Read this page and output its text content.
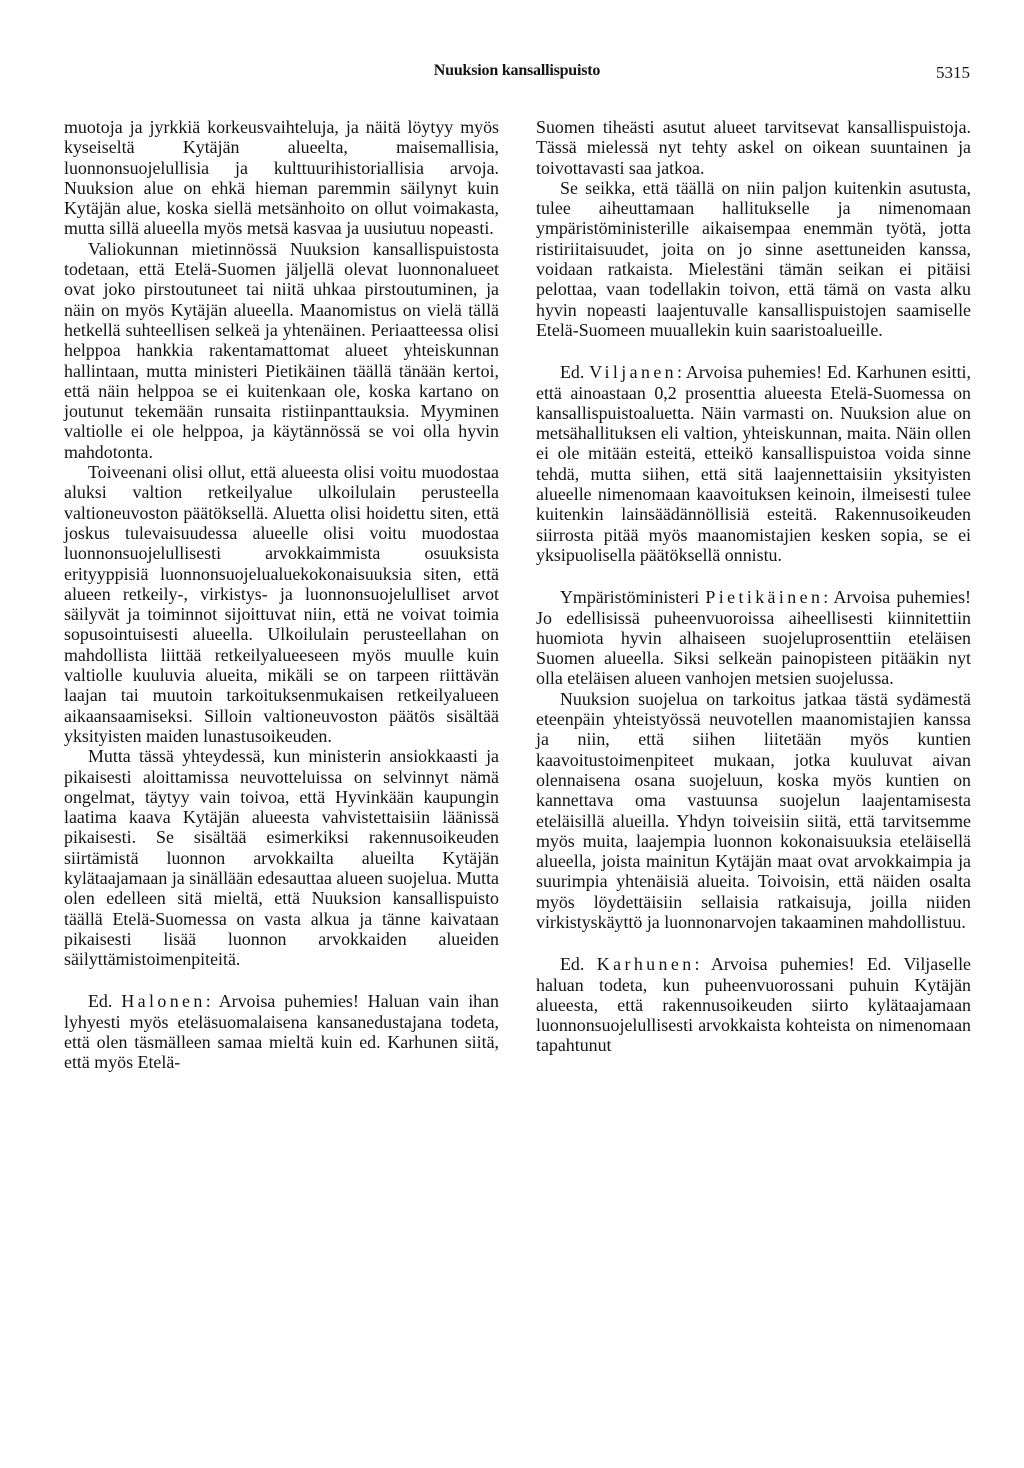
Nuuksion kansallispuisto	5315

muotoja ja jyrkkiä korkeusvaihteluja, ja näitä löytyy myös kyseiseltä Kytäjän alueelta, maisemallisia, luonnonsuojelullisia ja kulttuurihistoriallisia arvoja. Nuuksion alue on ehkä hieman paremmin säilynyt kuin Kytäjän alue, koska siellä metsänhoito on ollut voimakasta, mutta sillä alueella myös metsä kasvaa ja uusiutuu nopeasti.

Valiokunnan mietinnössä Nuuksion kansallispuistosta todetaan, että Etelä-Suomen jäljellä olevat luonnonalueet ovat joko pirstoutuneet tai niitä uhkaa pirstoutuminen, ja näin on myös Kytäjän alueella. Maanomistus on vielä tällä hetkellä suhteellisen selkeä ja yhtenäinen. Periaatteessa olisi helppoa hankkia rakentamattomat alueet yhteiskunnan hallintaan, mutta ministeri Pietikäinen täällä tänään kertoi, että näin helppoa se ei kuitenkaan ole, koska kartano on joutunut tekemään runsaita ristiinpanttauksia. Myyminen valtiolle ei ole helppoa, ja käytännössä se voi olla hyvin mahdotonta.

Toiveenani olisi ollut, että alueesta olisi voitu muodostaa aluksi valtion retkeilyalue ulkoilulain perusteella valtioneuvoston päätöksellä. Aluetta olisi hoidettu siten, että joskus tulevaisuudessa alueelle olisi voitu muodostaa luonnonsuojelullisesti arvokkaimmista osuuksista erityyppisiä luonnonsuojelualuekokonaisuuksia siten, että alueen retkeily-, virkistys- ja luonnonsuojelulliset arvot säilyvät ja toiminnot sijoittuvat niin, että ne voivat toimia sopusointuisesti alueella. Ulkoilulain perusteellahan on mahdollista liittää retkeilyalueeseen myös muulle kuin valtiolle kuuluvia alueita, mikäli se on tarpeen riittävän laajan tai muutoin tarkoituksenmukaisen retkeilyalueen aikaansaamiseksi. Silloin valtioneuvoston päätös sisältää yksityisten maiden lunastusoikeuden.

Mutta tässä yhteydessä, kun ministerin ansiokkaasti ja pikaisesti aloittamissa neuvotteluissa on selvinnyt nämä ongelmat, täytyy vain toivoa, että Hyvinkään kaupungin laatima kaava Kytäjän alueesta vahvistettaisiin läänissä pikaisesti. Se sisältää esimerkiksi rakennusoikeuden siirtämistä luonnon arvokkailta alueilta Kytäjän kylätaajamaan ja sinällään edesauttaa alueen suojelua. Mutta olen edelleen sitä mieltä, että Nuuksion kansallispuisto täällä Etelä-Suomessa on vasta alkua ja tänne kaivataan pikaisesti lisää luonnon arvokkaiden alueiden säilyttämistoimenpiteitä.

Ed. Halonen: Arvoisa puhemies! Haluan vain ihan lyhyesti myös eteläsuomalaisena kansanedustajana todeta, että olen täsmälleen samaa mieltä kuin ed. Karhunen siitä, että myös Etelä-

Suomen tiheästi asutut alueet tarvitsevat kansallispuistoja. Tässä mielessä nyt tehty askel on oikean suuntainen ja toivottavasti saa jatkoa.

Se seikka, että täällä on niin paljon kuitenkin asutusta, tulee aiheuttamaan hallitukselle ja nimenomaan ympäristöministerille aikaisempaa enemmän työtä, jotta ristiriitaisuudet, joita on jo sinne asettuneiden kanssa, voidaan ratkaista. Mielestäni tämän seikan ei pitäisi pelottaa, vaan todellakin toivon, että tämä on vasta alku hyvin nopeasti laajentuvalle kansallispuistojen saamiselle Etelä-Suomeen muuallekin kuin saaristoalueille.

Ed. Viljanen: Arvoisa puhemies! Ed. Karhunen esitti, että ainoastaan 0,2 prosenttia alueesta Etelä-Suomessa on kansallispuistoaluetta. Näin varmasti on. Nuuksion alue on metsähallituksen eli valtion, yhteiskunnan, maita. Näin ollen ei ole mitään esteitä, etteikö kansallispuistoa voida sinne tehdä, mutta siihen, että sitä laajennettaisiin yksityisten alueelle nimenomaan kaavoituksen keinoin, ilmeisesti tulee kuitenkin lainsäädännöllisiä esteitä. Rakennusoikeuden siirrosta pitää myös maanomistajien kesken sopia, se ei yksipuolisella päätöksellä onnistu.

Ympäristöministeri Pietikäinen: Arvoisa puhemies! Jo edellisissä puheenvuoroissa aiheellisesti kiinnitettiin huomiota hyvin alhaiseen suojeluprosenttiin eteläisen Suomen alueella. Siksi selkeän painopisteen pitääkin nyt olla eteläisen alueen vanhojen metsien suojelussa.

Nuuksion suojelua on tarkoitus jatkaa tästä sydämestä eteenpäin yhteistyössä neuvotellen maanomistajien kanssa ja niin, että siihen liitetään myös kuntien kaavoitustoimenpiteet mukaan, jotka kuuluvat aivan olennaisena osana suojeluun, koska myös kuntien on kannettava oma vastuunsa suojelun laajentamisesta eteläisillä alueilla. Yhdyn toiveisiin siitä, että tarvitsemme myös muita, laajempia luonnon kokonaisuuksia eteläisellä alueella, joista mainitun Kytäjän maat ovat arvokkaimpia ja suurimpia yhtenäisiä alueita. Toivoisin, että näiden osalta myös löydettäisiin sellaisia ratkaisuja, joilla niiden virkistyskäyttö ja luonnonarvojen takaaminen mahdollistuu.

Ed. Karhunen: Arvoisa puhemies! Ed. Viljaselle haluan todeta, kun puheenvuorossani puhuin Kytäjän alueesta, että rakennusoikeuden siirto kylätaajamaan luonnonsuojelullisesti arvokkaista kohteista on nimenomaan tapahtunut
